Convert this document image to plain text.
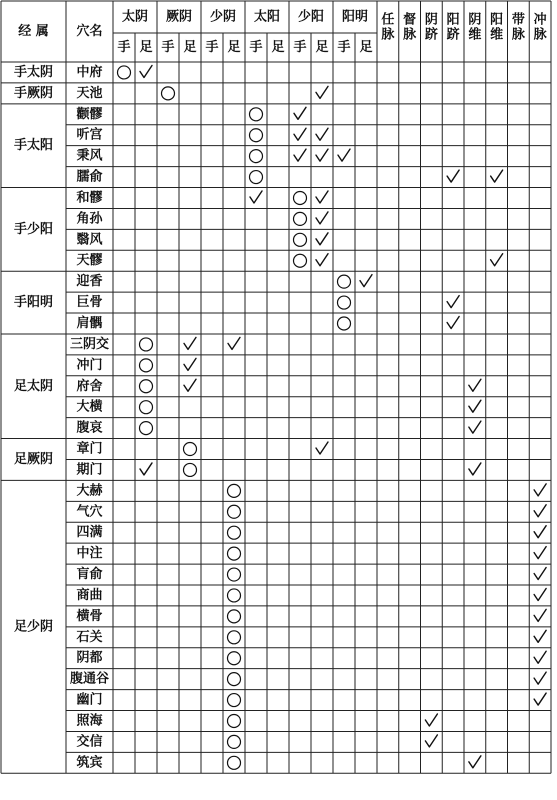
经 属 穴名
太阴
手 足
厥阴
手 足
少阴
手 足
太阳
手 足
少阳
手 足
阳明
手 足
任脉
督脉
阴跻
阳跻
阴维
阳维
带脉
冲脉
手太阴 中府
手厥阴 天池
手太阳
颧髎
听宫
秉风
臑俞
手少阳
和髎
角孙
翳风
天髎
手阳明
迎香
巨骨
肩髃
足太阴
三阴交
冲门
府舍
大横
腹哀
足厥阴
章门
期门
足少阴
大赫
气穴
四满
中注
肓俞
商曲
横骨
石关
阴都
腹通谷
幽门
照海
交信
筑宾
